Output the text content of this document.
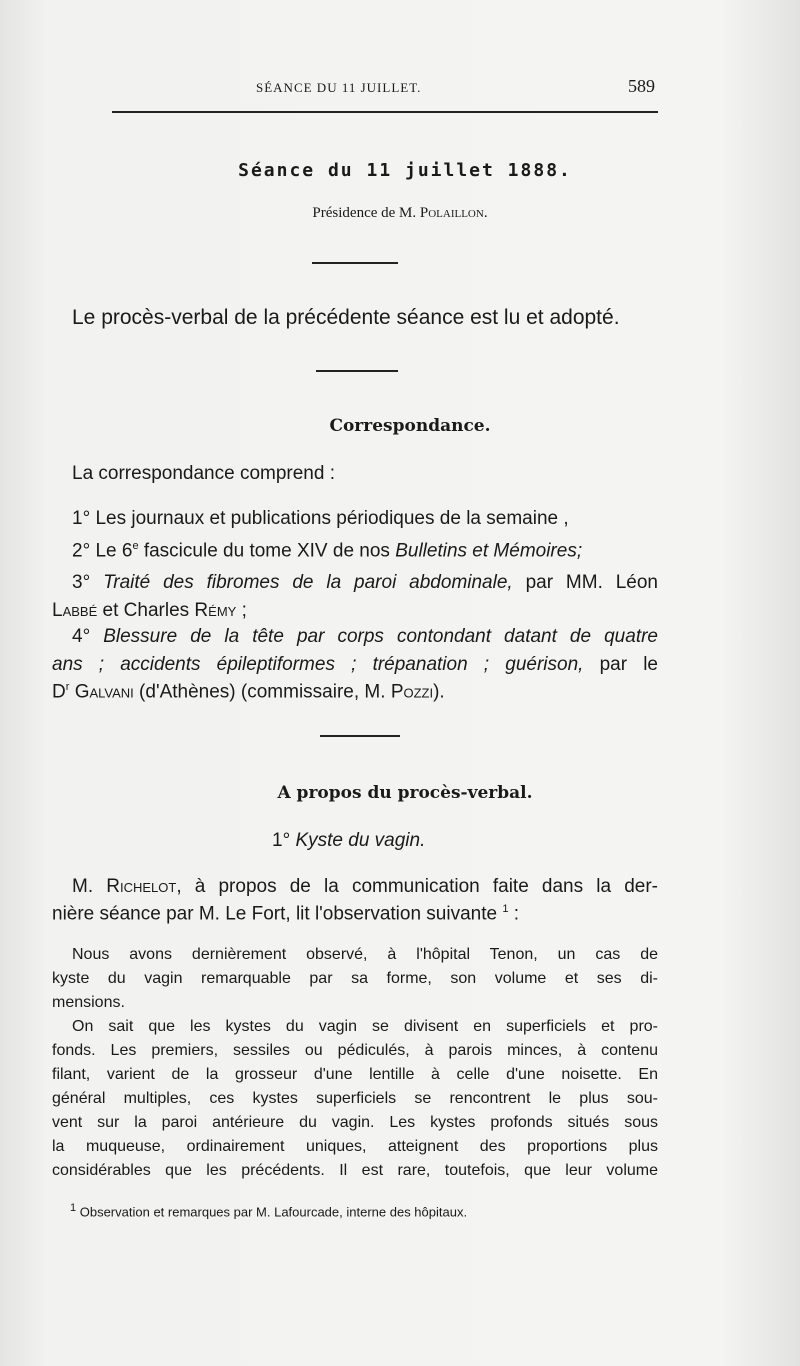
SÉANCE DU 11 JUILLET.	589
Séance du 11 juillet 1888.
Présidence de M. Polaillon.
Le procès-verbal de la précédente séance est lu et adopté.
Correspondance.
La correspondance comprend :
1° Les journaux et publications périodiques de la semaine ,
2° Le 6e fascicule du tome XIV de nos Bulletins et Mémoires;
3° Traité des fibromes de la paroi abdominale, par MM. Léon
Labbé et Charles Rémy ;
4° Blessure de la tête par corps contondant datant de quatre
ans ; accidents épileptiformes ; trépanation ; guérison, par le
$D^r$ Galvani (d'Athènes) (commissaire, M. Pozzi).
A propos du procès-verbal.
1° Kyste du vagin.
M. Richelot, à propos de la communication faite dans la der-
nière séance par M. Le Fort, lit l'observation suivante $^1$ :
Nous avons dernièrement observé, à l'hôpital Tenon, un cas de
kyste du vagin remarquable par sa forme, son volume et ses di-
mensions.
On sait que les kystes du vagin se divisent en superficiels et pro-
fonds. Les premiers, sessiles ou pédiculés, à parois minces, à contenu
filant, varient de la grosseur d'une lentille à celle d'une noisette. En
général multiples, ces kystes superficiels se rencontrent le plus sou-
vent sur la paroi antérieure du vagin. Les kystes profonds situés sous
la muqueuse, ordinairement uniques, atteignent des proportions plus
considérables que les précédents. Il est rare, toutefois, que leur volume
$^1$ Observation et remarques par M. Lafourcade, interne des hôpitaux.
